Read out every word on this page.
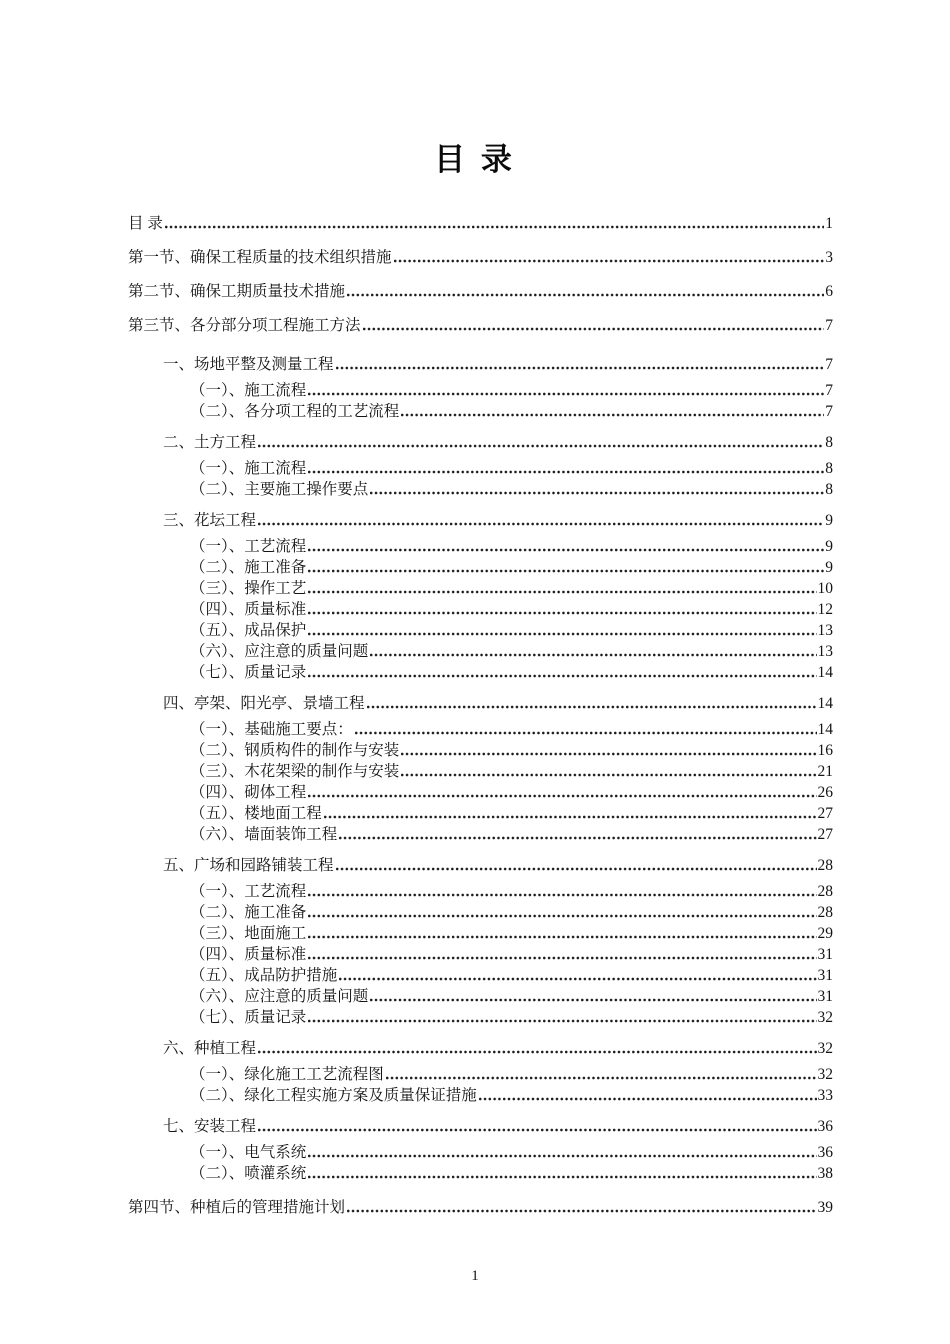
目 录
目 录	1
第一节、确保工程质量的技术组织措施	3
第二节、确保工期质量技术措施	6
第三节、各分部分项工程施工方法	7
一、场地平整及测量工程	7
（一）、施工流程	7
（二）、各分项工程的工艺流程	7
二、土方工程	8
（一）、施工流程	8
（二）、主要施工操作要点	8
三、花坛工程	9
（一）、工艺流程	9
（二）、施工准备	9
（三）、操作工艺	10
（四）、质量标准	12
（五）、成品保护	13
（六）、应注意的质量问题	13
（七）、质量记录	14
四、亭架、阳光亭、景墙工程	14
（一）、基础施工要点：	14
（二）、钢质构件的制作与安装	16
（三）、木花架梁的制作与安装	21
（四）、砌体工程	26
（五）、楼地面工程	27
（六）、墙面装饰工程	27
五、广场和园路铺装工程	28
（一）、工艺流程	28
（二）、施工准备	28
（三）、地面施工	29
（四）、质量标准	31
（五）、成品防护措施	31
（六）、应注意的质量问题	31
（七）、质量记录	32
六、种植工程	32
（一）、绿化施工工艺流程图	32
（二）、绿化工程实施方案及质量保证措施	33
七、安装工程	36
（一）、电气系统	36
（二）、喷灌系统	38
第四节、种植后的管理措施计划	39
1
